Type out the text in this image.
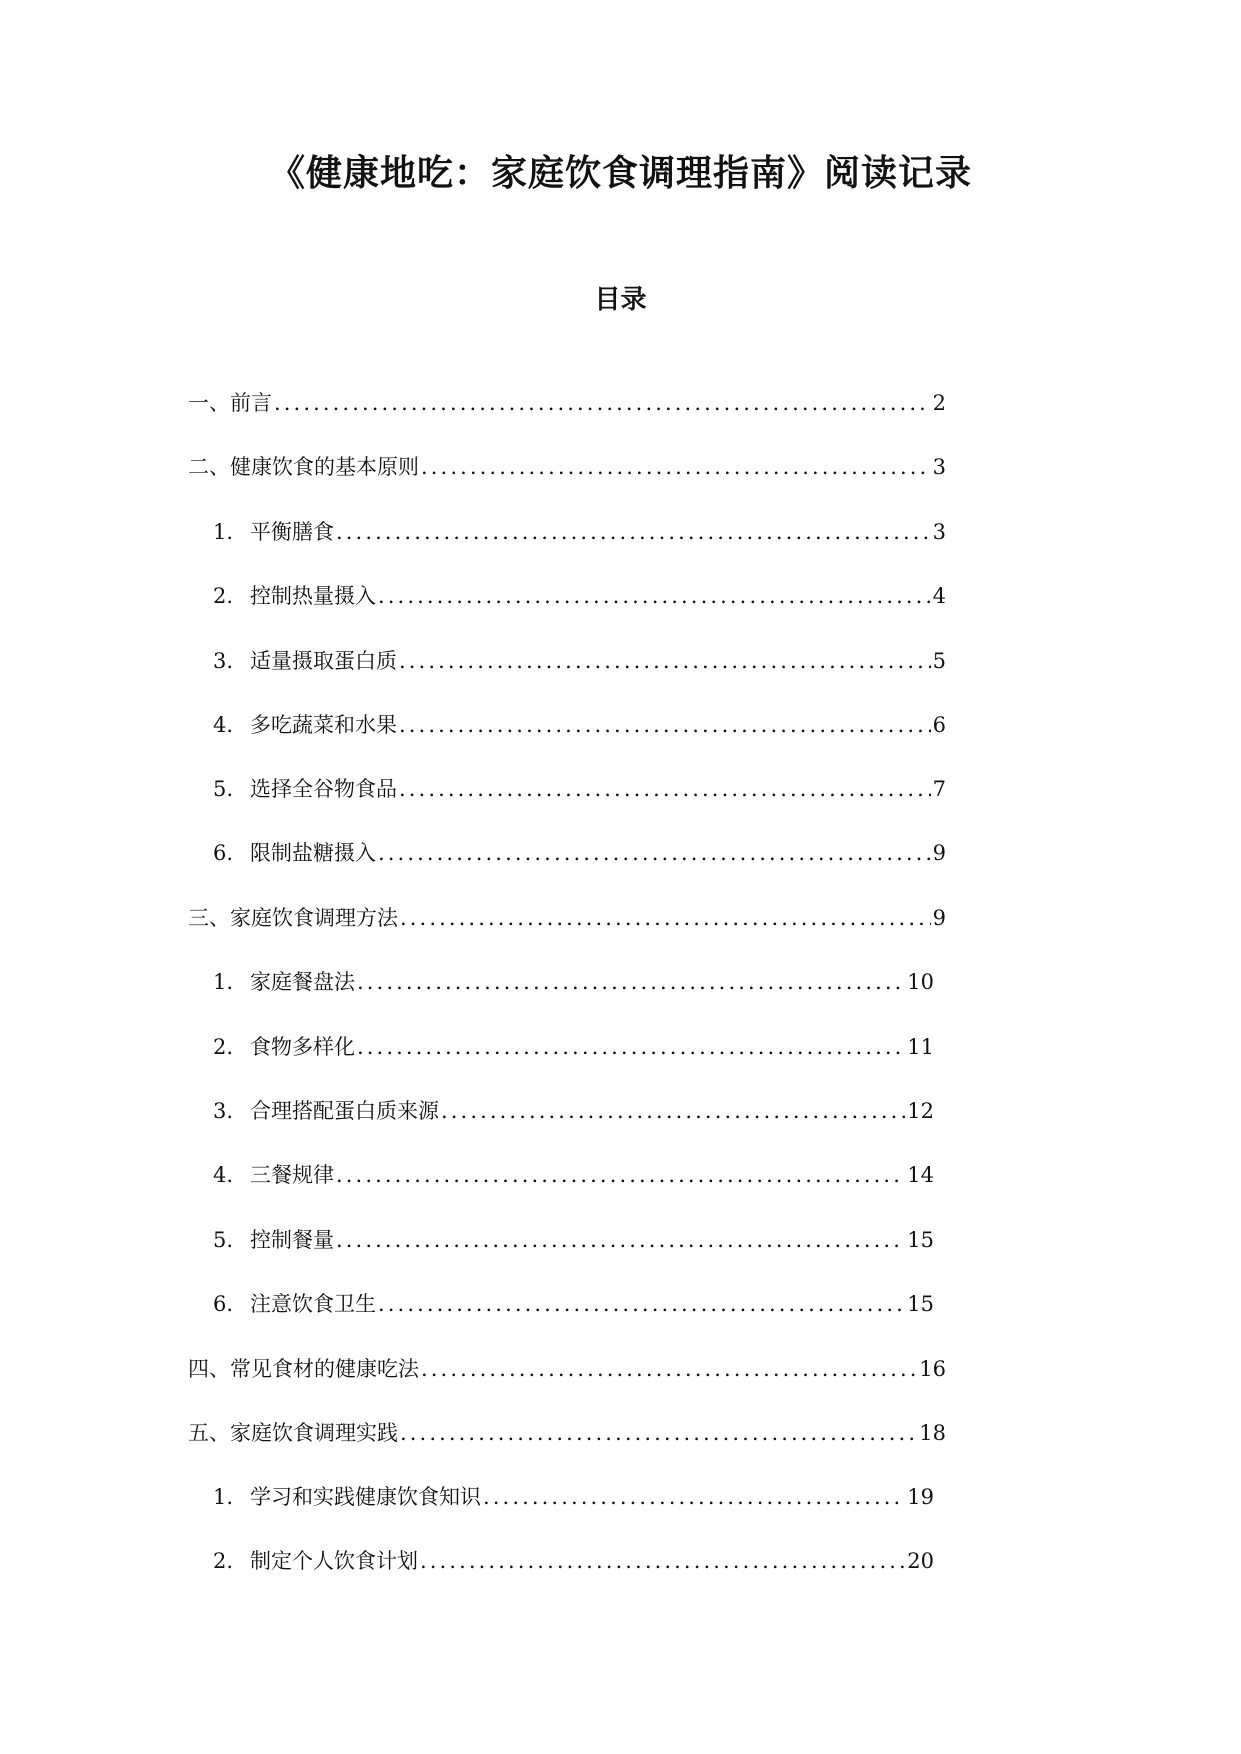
《健康地吃：家庭饮食调理指南》阅读记录
目录
一、前言 .....	2
二、健康饮食的基本原则 .....	3
1. 平衡膳食 .....	3
2. 控制热量摄入 .....	4
3. 适量摄取蛋白质 .....	5
4. 多吃蔬菜和水果 .....	6
5. 选择全谷物食品 .....	7
6. 限制盐糖摄入 .....	9
三、家庭饮食调理方法 .....	9
1. 家庭餐盘法 .....	10
2. 食物多样化 .....	11
3. 合理搭配蛋白质来源 .....	12
4. 三餐规律 .....	14
5. 控制餐量 .....	15
6. 注意饮食卫生 .....	15
四、常见食材的健康吃法 .....	16
五、家庭饮食调理实践 .....	18
1. 学习和实践健康饮食知识 .....	19
2. 制定个人饮食计划 .....	20
